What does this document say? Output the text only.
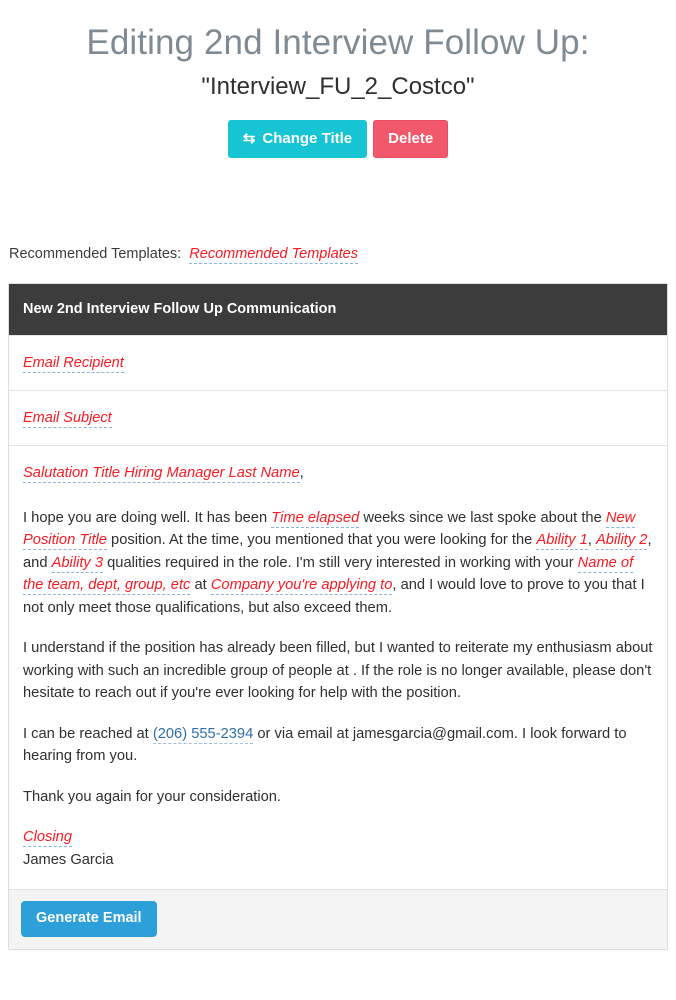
Editing 2nd Interview Follow Up:
"Interview_FU_2_Costco"
⇆ Change Title Delete
Recommended Templates: Recommended Templates
New 2nd Interview Follow Up Communication
Email Recipient
Email Subject

Salutation Title Hiring Manager Last Name,

I hope you are doing well. It has been Time elapsed weeks since we last spoke about the New Position Title position. At the time, you mentioned that you were looking for the Ability 1, Ability 2, and Ability 3 qualities required in the role. I'm still very interested in working with your Name of the team, dept, group, etc at Company you're applying to, and I would love to prove to you that I not only meet those qualifications, but also exceed them.

I understand if the position has already been filled, but I wanted to reiterate my enthusiasm about working with such an incredible group of people at . If the role is no longer available, please don't hesitate to reach out if you're ever looking for help with the position.

I can be reached at (206) 555-2394 or via email at jamesgarcia@gmail.com. I look forward to hearing from you.

Thank you again for your consideration.

Closing
James Garcia

Generate Email
